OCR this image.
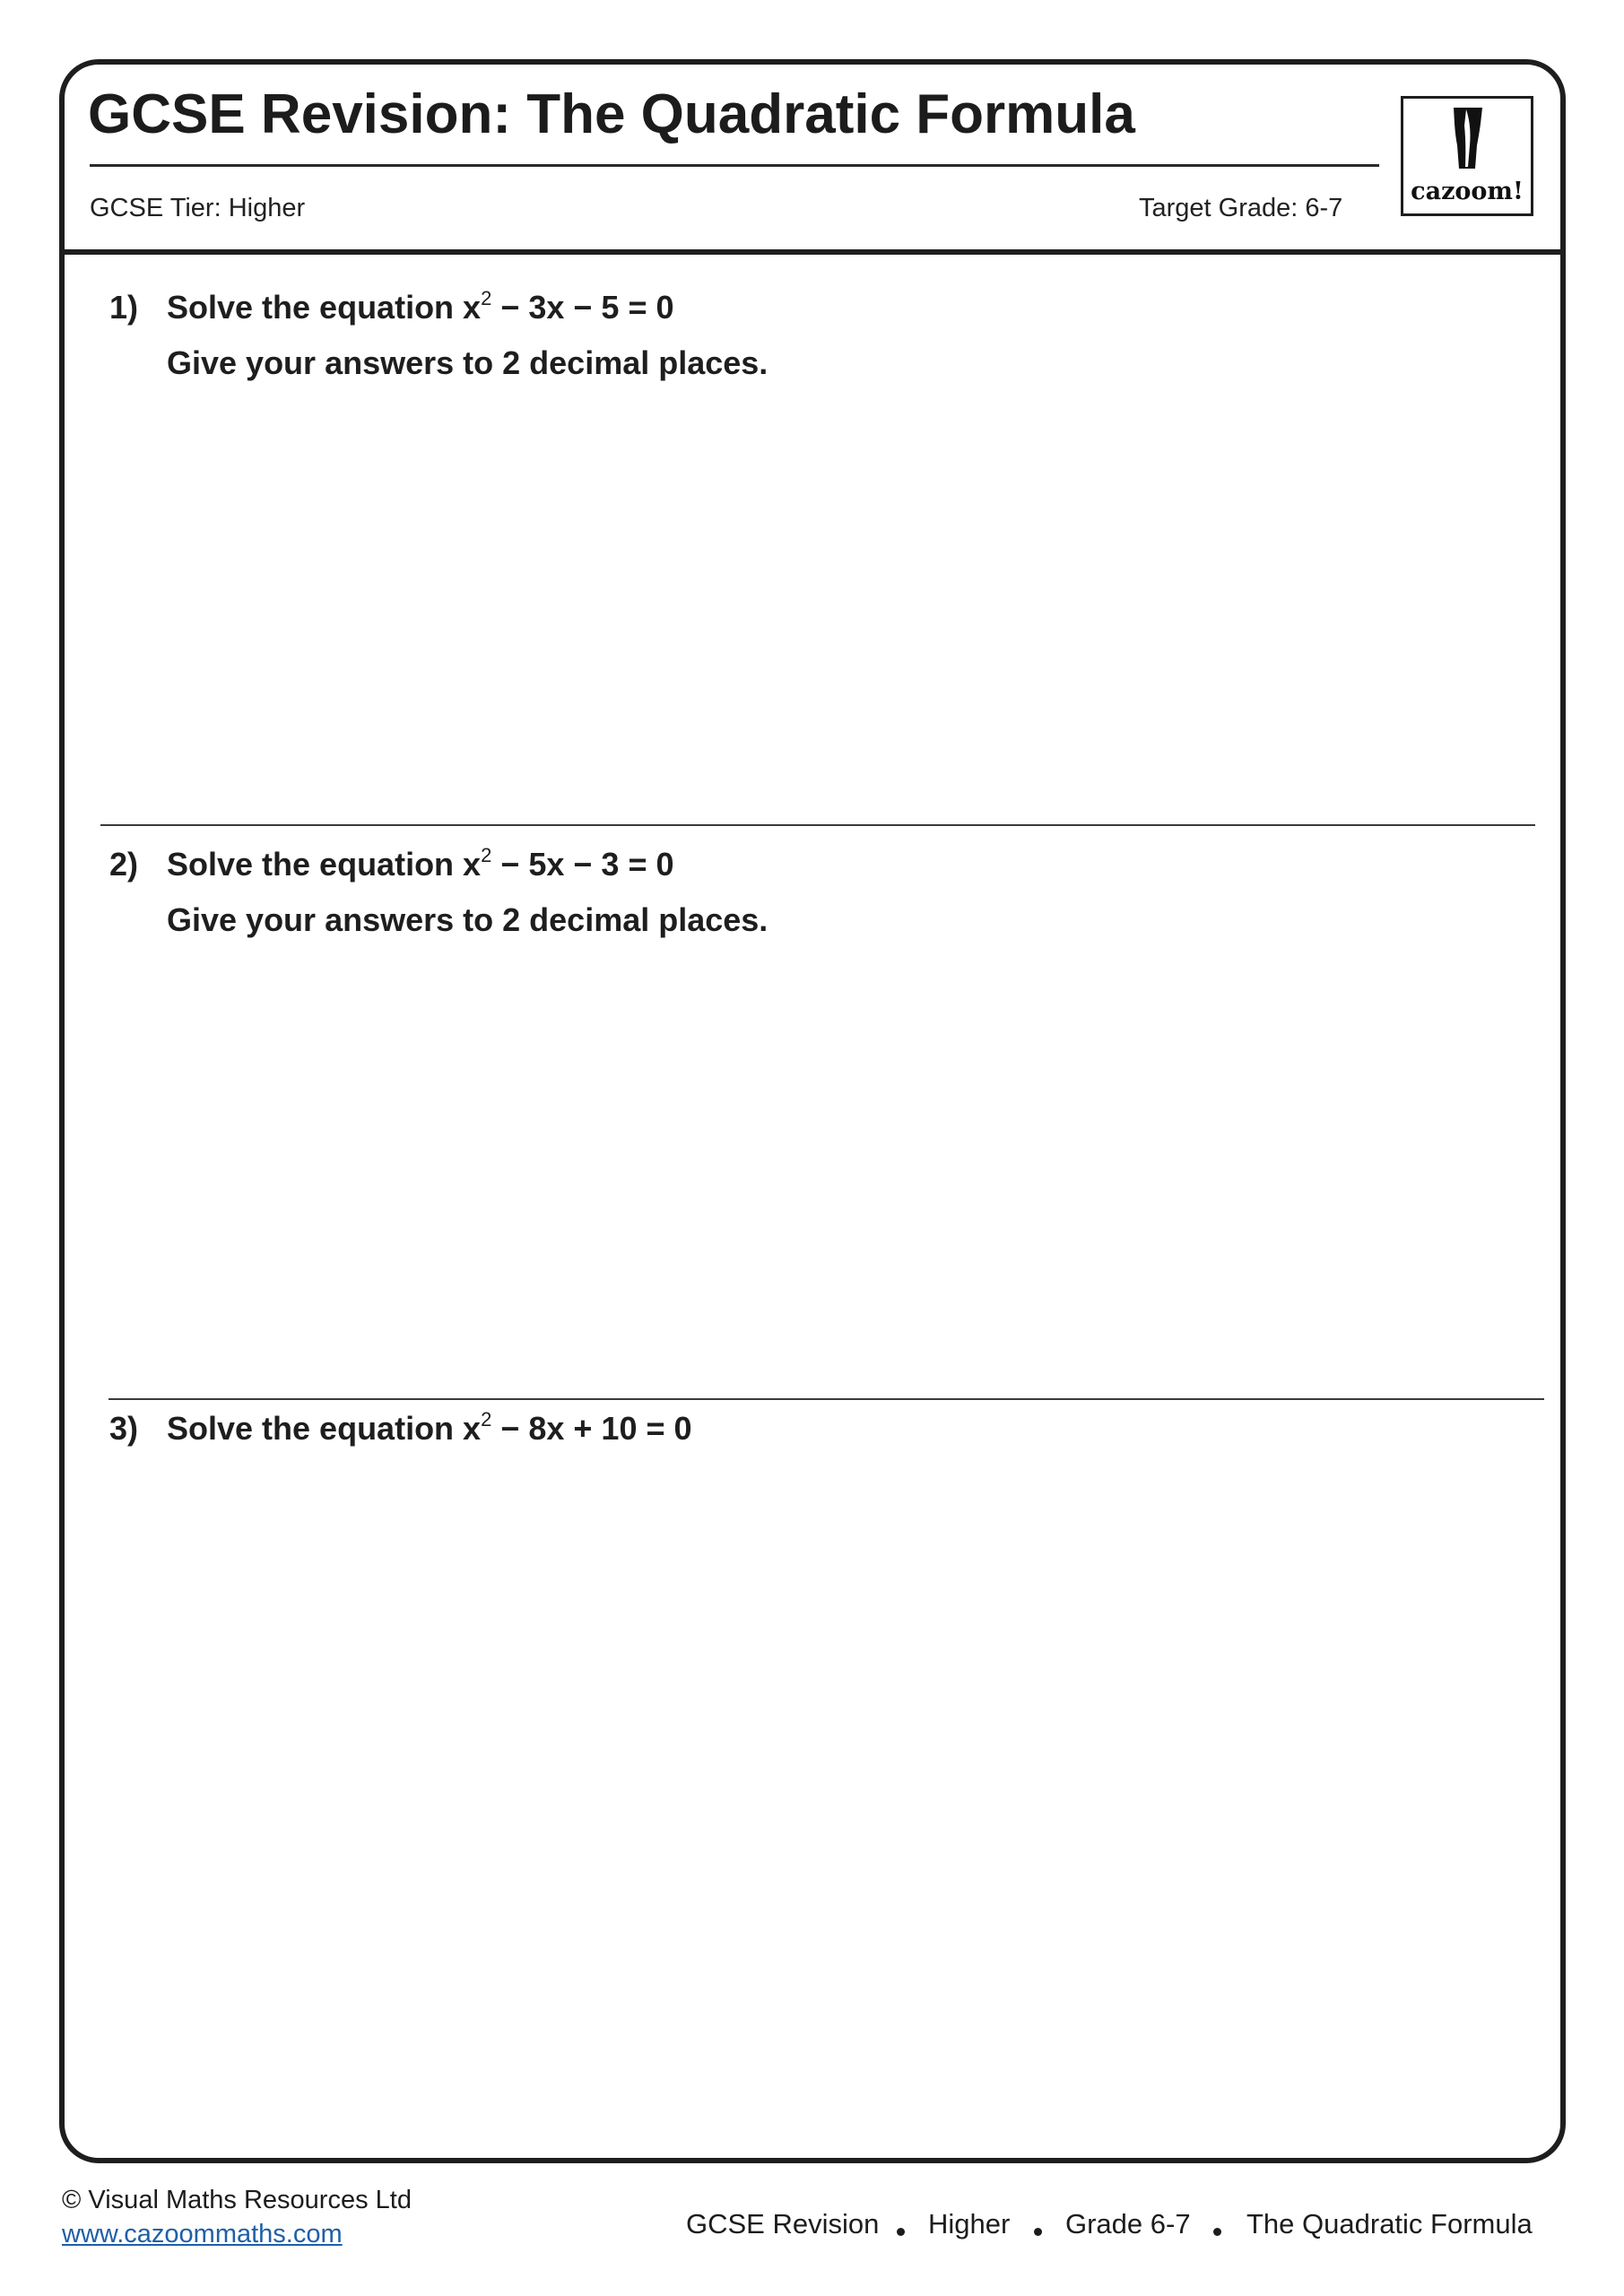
GCSE Revision: The Quadratic Formula
GCSE Tier: Higher	Target Grade: 6-7
cazoom!
1) Solve the equation $x^2 - 3x - 5 = 0$
Give your answers to 2 decimal places.
2) Solve the equation $x^2 - 5x - 3 = 0$
Give your answers to 2 decimal places.
3) Solve the equation $x^2 - 8x + 10 = 0$
© Visual Maths Resources Ltd
www.cazoommaths.com	GCSE Revision Higher Grade 6-7 The Quadratic Formula
